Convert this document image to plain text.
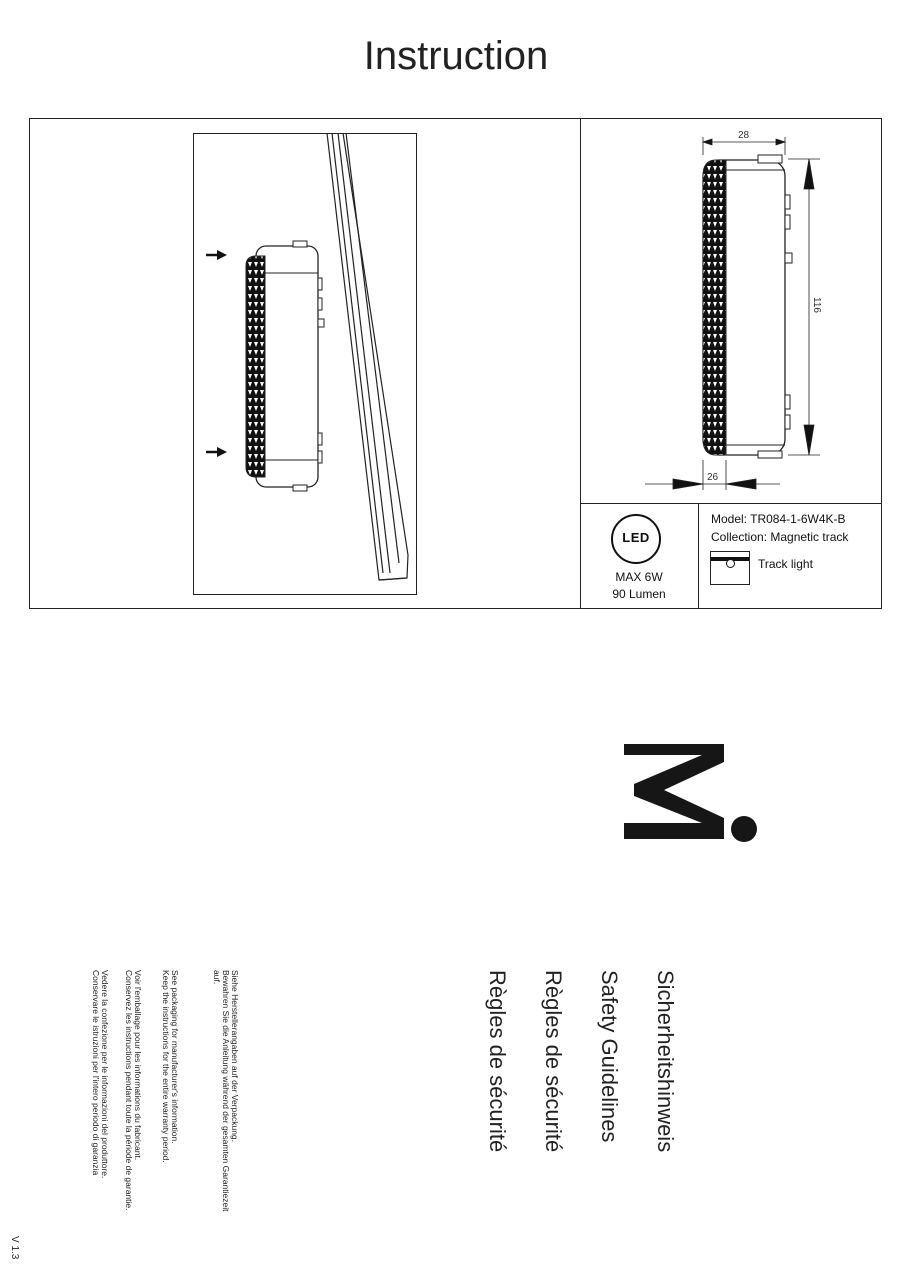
Instruction
28
116
26
LED
MAX 6W
90 Lumen
Model: TR084-1-6W4K-B
Collection: Magnetic track
Track light
Sicherheitshinweis
Safety Guidelines
Règles de sécurité
Règles de sécurité
Siehe Herstellerangaben auf der Verpackung.
Bewahren Sie die Anleitung während der gesamten Garantiezeit
auf.
See packaging for manufacturer's information.
Keep the instructions for the entire warranty period.
Voir l'emballage pour les informations du fabricant.
Conservez les instructions pendant toute la période de garantie.
Vedere la confezione per le informazioni del produttore.
Conservare le istruzioni per l'intero periodo di garanzia
V 1.3
